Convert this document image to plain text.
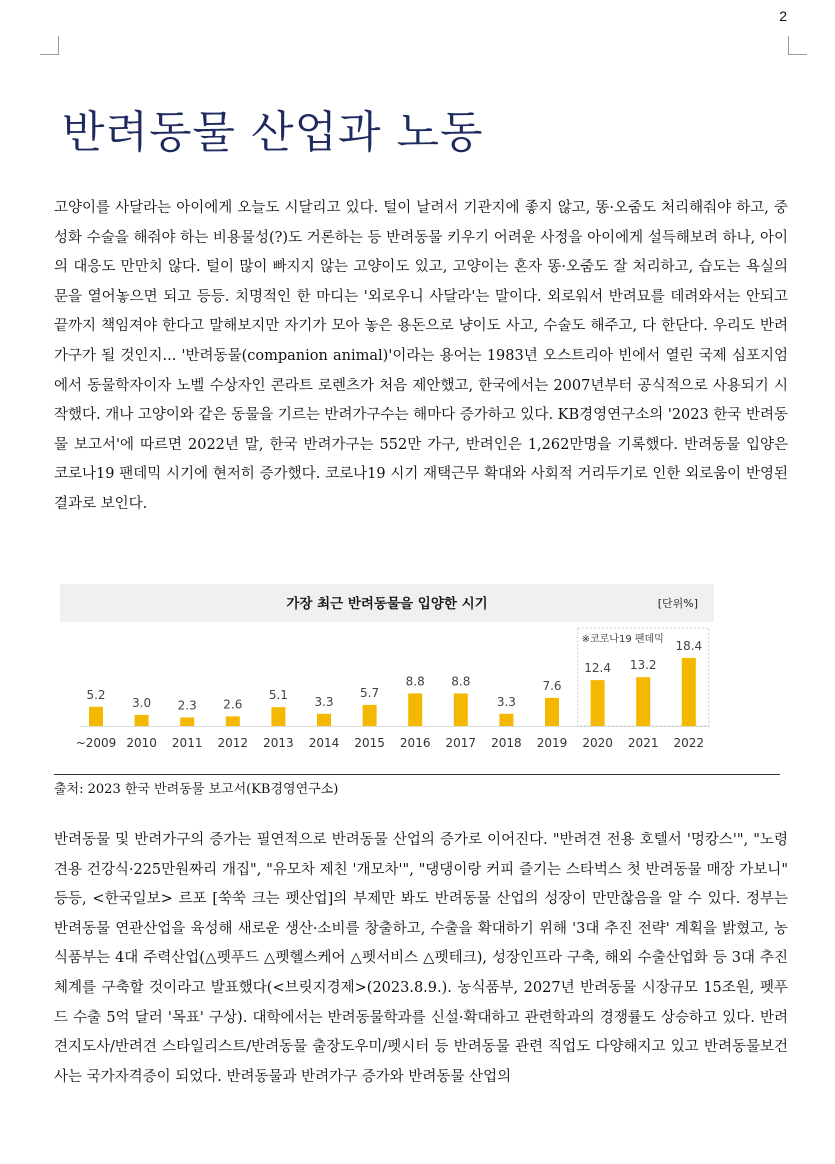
2
반려동물 산업과 노동

고양이를 사달라는 아이에게 오늘도 시달리고 있다. 털이 날려서 기관지에 좋지 않고, 똥·오줌도 처리해줘야 하고, 중성화 수술을 해줘야 하는 비용물성(?)도 거론하는 등 반려동물 키우기 어려운 사정을 아이에게 설득해보려 하나, 아이의 대응도 만만치 않다. 털이 많이 빠지지 않는 고양이도 있고, 고양이는 혼자 똥·오줌도 잘 처리하고, 습도는 욕실의 문을 열어놓으면 되고 등등. 치명적인 한 마디는 '외로우니 사달라'는 말이다. 외로워서 반려묘를 데려와서는 안되고 끝까지 책임져야 한다고 말해보지만 자기가 모아 놓은 용돈으로 냥이도 사고, 수술도 해주고, 다 한단다. 우리도 반려가구가 될 것인지... '반려동물(companion animal)'이라는 용어는 1983년 오스트리아 빈에서 열린 국제 심포지엄에서 동물학자이자 노벨 수상자인 콘라트 로렌츠가 처음 제안했고, 한국에서는 2007년부터 공식적으로 사용되기 시작했다. 개나 고양이와 같은 동물을 기르는 반려가구수는 해마다 증가하고 있다. KB경영연구소의 '2023 한국 반려동물 보고서'에 따르면 2022년 말, 한국 반려가구는 552만 가구, 반려인은 1,262만명을 기록했다. 반려동물 입양은 코로나19 팬데믹 시기에 현저히 증가했다. 코로나19 시기 재택근무 확대와 사회적 거리두기로 인한 외로움이 반영된 결과로 보인다.

가장 최근 반려동물을 입양한 시기	[단위%]
※코로나19 팬데믹
5.2
~2009
3.0
2010
2.3
2011
2.6
2012
5.1
2013
3.3
2014
5.7
2015
8.8
2016
8.8
2017
3.3
2018
7.6
2019
12.4
2020
13.2
2021
18.4
2022
출처: 2023 한국 반려동물 보고서(KB경영연구소)

반려동물 및 반려가구의 증가는 필연적으로 반려동물 산업의 증가로 이어진다. "반려견 전용 호텔서 '멍캉스'", "노령견용 건강식·225만원짜리 개집", "유모차 제친 '개모차'", "댕댕이랑 커피 즐기는 스타벅스 첫 반려동물 매장 가보니" 등등, <한국일보> 르포 [쑥쑥 크는 펫산업]의 부제만 봐도 반려동물 산업의 성장이 만만찮음을 알 수 있다. 정부는 반려동물 연관산업을 육성해 새로운 생산·소비를 창출하고, 수출을 확대하기 위해 '3대 추진 전략' 계획을 밝혔고, 농식품부는 4대 주력산업(△펫푸드 △펫헬스케어 △펫서비스 △펫테크), 성장인프라 구축, 해외 수출산업화 등 3대 추진체계를 구축할 것이라고 발표했다(<브릿지경제>(2023.8.9.). 농식품부, 2027년 반려동물 시장규모 15조원, 펫푸드 수출 5억 달러 '목표' 구상). 대학에서는 반려동물학과를 신설·확대하고 관련학과의 경쟁률도 상승하고 있다. 반려견지도사/반려견 스타일리스트/반려동물 출장도우미/펫시터 등 반려동물 관련 직업도 다양해지고 있고 반려동물보건사는 국가자격증이 되었다. 반려동물과 반려가구 증가와 반려동물 산업의
